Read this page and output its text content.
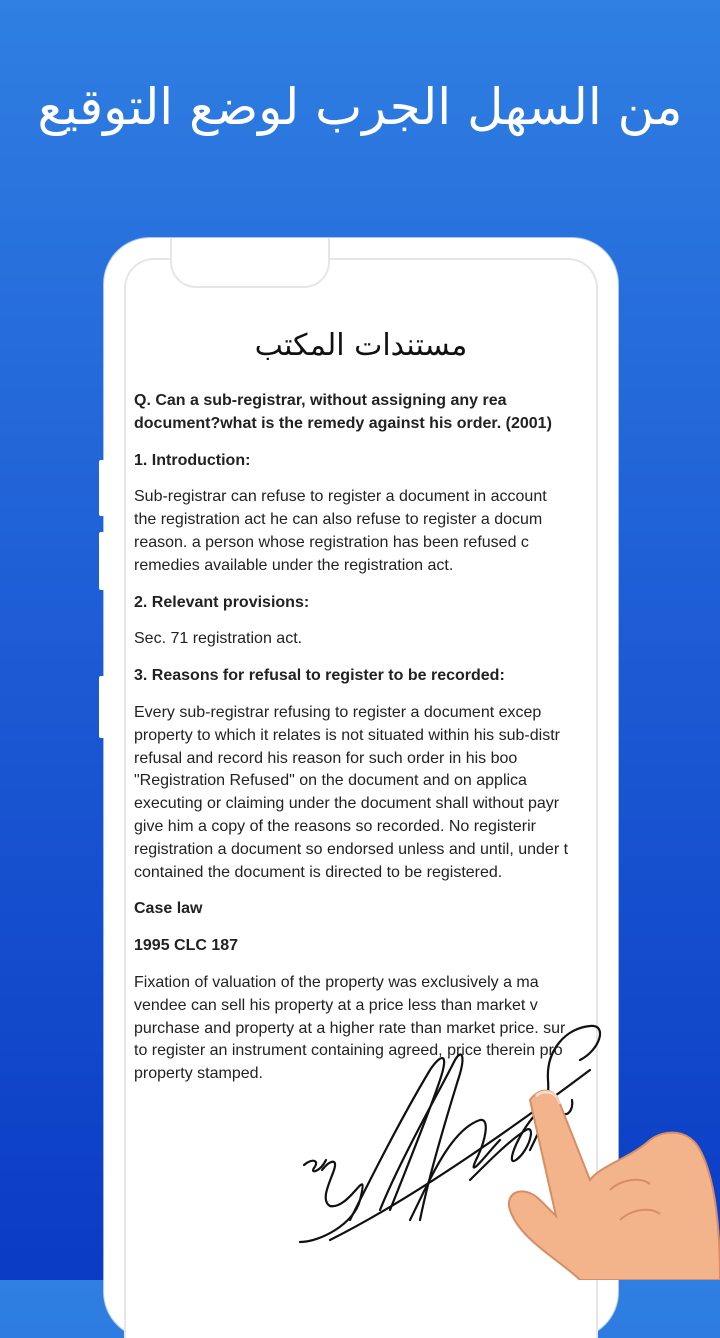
من السهل الجرب لوضع التوقيع
مستندات المكتب

Q. Can a sub-registrar, without assigning any rea
document?what is the remedy against his order. (2001)

1. Introduction:

Sub-registrar can refuse to register a document in account
the registration act he can also refuse to register a docum
reason. a person whose registration has been refused c
remedies available under the registration act.

2. Relevant provisions:

Sec. 71 registration act.

3. Reasons for refusal to register to be recorded:

Every sub-registrar refusing to register a document excep
property to which it relates is not situated within his sub-distr
refusal and record his reason for such order in his boo
"Registration Refused" on the document and on applica
executing or claiming under the document shall without payr
give him a copy of the reasons so recorded. No registerir
registration a document so endorsed unless and until, under t
contained the document is directed to be registered.

Case law

1995 CLC 187

Fixation of valuation of the property was exclusively a ma
vendee can sell his property at a price less than market v
purchase and property at a higher rate than market price. sur
to register an instrument containing agreed, price therein pro
property stamped.
